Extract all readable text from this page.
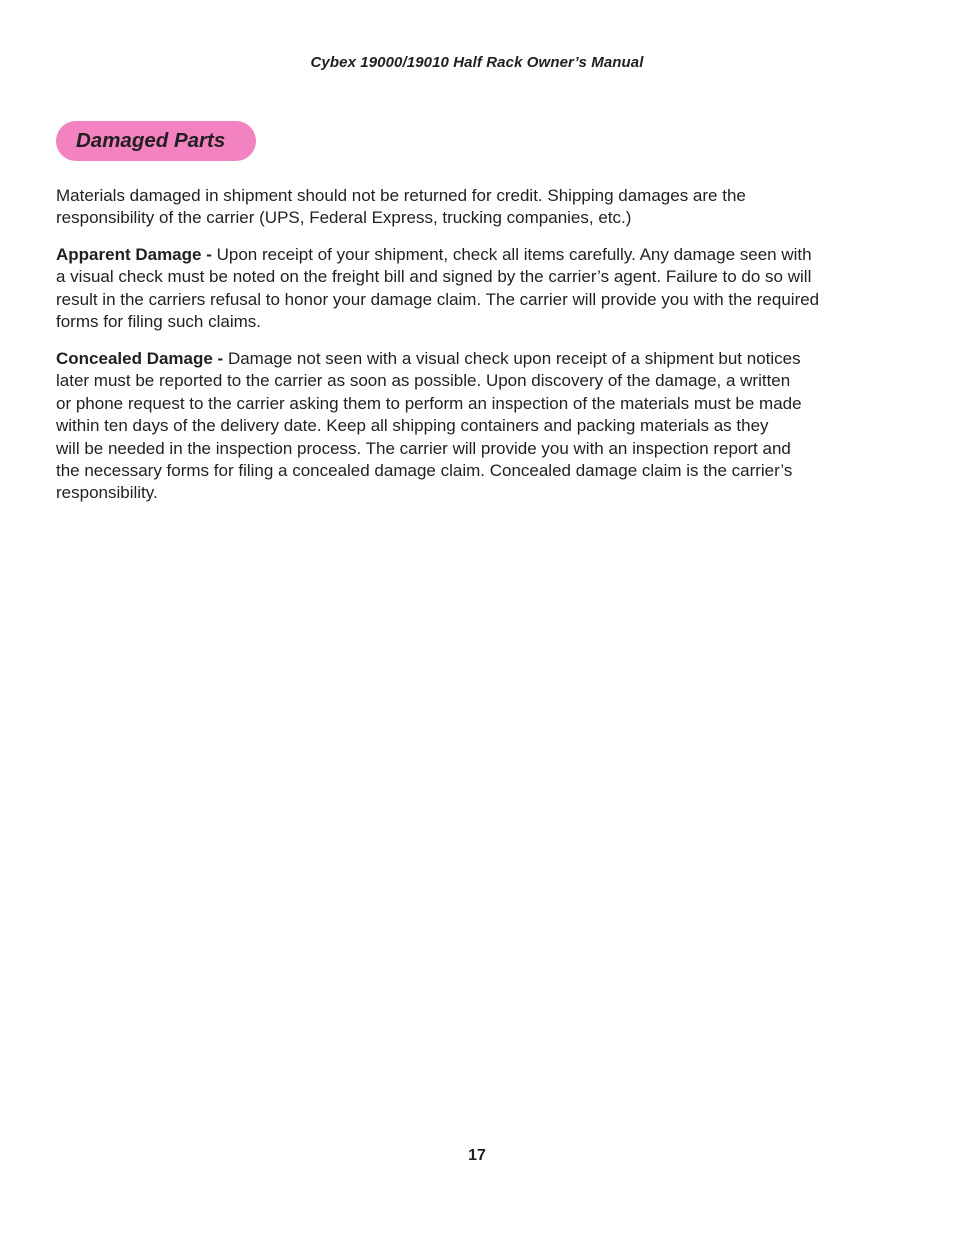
Cybex 19000/19010 Half Rack Owner’s Manual
Damaged Parts

Materials damaged in shipment should not be returned for credit. Shipping damages are the
responsibility of the carrier (UPS, Federal Express, trucking companies, etc.)

Apparent Damage - Upon receipt of your shipment, check all items carefully. Any damage seen with
a visual check must be noted on the freight bill and signed by the carrier’s agent. Failure to do so will
result in the carriers refusal to honor your damage claim. The carrier will provide you with the required
forms for filing such claims.

Concealed Damage - Damage not seen with a visual check upon receipt of a shipment but notices
later must be reported to the carrier as soon as possible. Upon discovery of the damage, a written
or phone request to the carrier asking them to perform an inspection of the materials must be made
within ten days of the delivery date. Keep all shipping containers and packing materials as they
will be needed in the inspection process. The carrier will provide you with an inspection report and
the necessary forms for filing a concealed damage claim. Concealed damage claim is the carrier’s
responsibility.

17
